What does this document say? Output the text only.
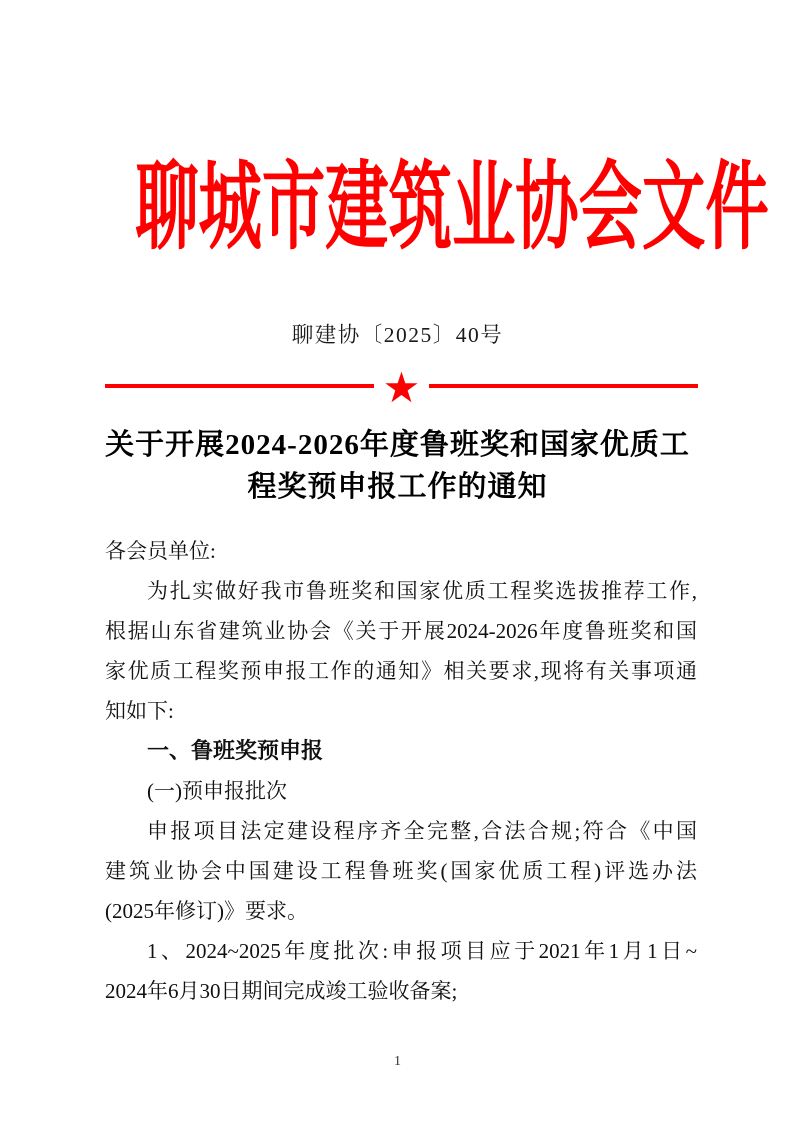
聊城市建筑业协会文件
聊建协〔2025〕40号
★
关于开展2024-2026年度鲁班奖和国家优质工
程奖预申报工作的通知
各会员单位:
为扎实做好我市鲁班奖和国家优质工程奖选拔推荐工作,
根据山东省建筑业协会《关于开展2024-2026年度鲁班奖和国
家优质工程奖预申报工作的通知》相关要求,现将有关事项通
知如下:
一、鲁班奖预申报
(一)预申报批次
申报项目法定建设程序齐全完整,合法合规;符合《中国
建筑业协会中国建设工程鲁班奖(国家优质工程)评选办法
(2025年修订)》要求。
1、2024~2025年度批次:申报项目应于2021年1月1日~
2024年6月30日期间完成竣工验收备案;
1
